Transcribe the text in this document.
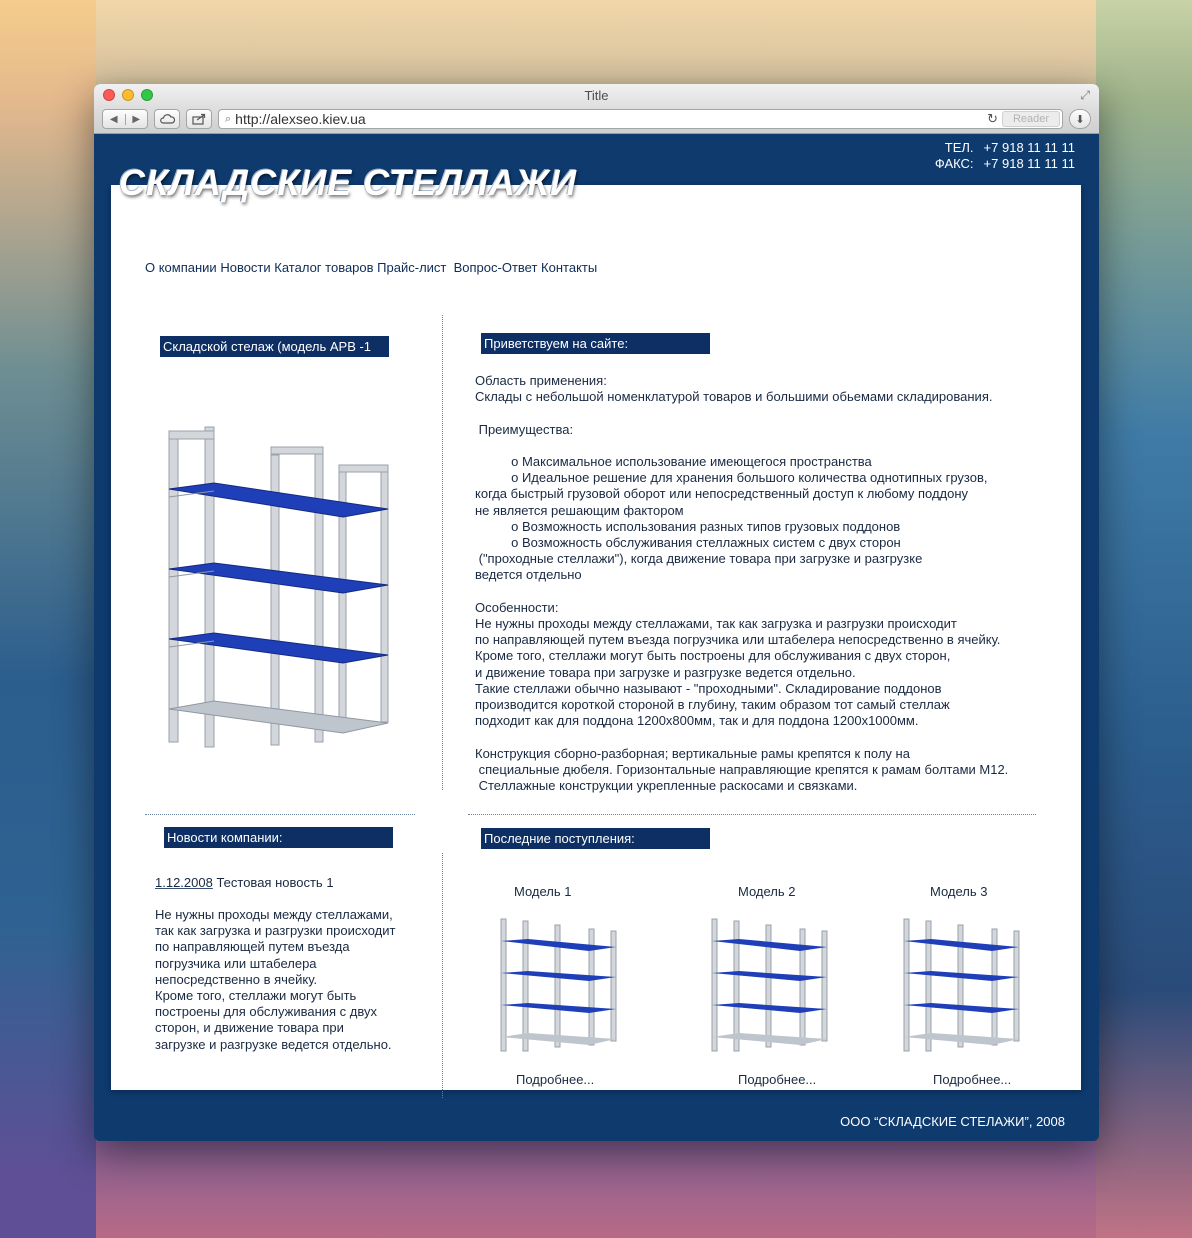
Title	⤢
◀	▶	⌕ http://alexseo.kiev.ua	↻	Reader	⬇
ТЕЛ. +7 918 11 11 11
ФАКС: +7 918 11 11 11
СКЛАДСКИЕ СТЕЛЛАЖИ
О компании Новости Каталог товаров Прайс-лист Вопрос-Ответ Контакты
Складской стелаж (модель АРВ -1	Приветствуем на сайте:
Область применения:
Склады с небольшой номенклатурой товаров и большими обьемами складирования.

Преимущества:

o Максимальное использование имеющегося пространства
o Идеальное решение для хранения большого количества однотипных грузов,
когда быстрый грузовой оборот или непосредственный доступ к любому поддону
не является решающим фактором
o Возможность использования разных типов грузовых поддонов
o Возможность обслуживания стеллажных систем с двух сторон
("проходные стеллажи"), когда движение товара при загрузке и разгрузке
ведется отдельно

Особенности:
Не нужны проходы между стеллажами, так как загрузка и разгрузки происходит
по направляющей путем въезда погрузчика или штабелера непосредственно в ячейку.
Кроме того, стеллажи могут быть построены для обслуживания с двух сторон,
и движение товара при загрузке и разгрузке ведется отдельно.
Такие стеллажи обычно называют - "проходными". Складирование поддонов
производится короткой стороной в глубину, таким образом тот самый стеллаж
подходит как для поддона 1200x800мм, так и для поддона 1200x1000мм.

Конструкция сборно-разборная; вертикальные рамы крепятся к полу на
специальные дюбеля. Горизонтальные направляющие крепятся к рамам болтами М12.
Стеллажные конструкции укрепленные раскосами и связками.
Новости компании:
1.12.2008 Тестовая новость 1
Не нужны проходы между стеллажами,
так как загрузка и разгрузки происходит
по направляющей путем въезда
погрузчика или штабелера
непосредственно в ячейку.
Кроме того, стеллажи могут быть
построены для обслуживания с двух
сторон, и движение товара при
загрузке и разгрузке ведется отдельно.
Последние поступления:
Модель 1	Модель 2	Модель 3
Подробнее...	Подробнее...	Подробнее...
ООО “СКЛАДСКИЕ СТЕЛАЖИ”, 2008
